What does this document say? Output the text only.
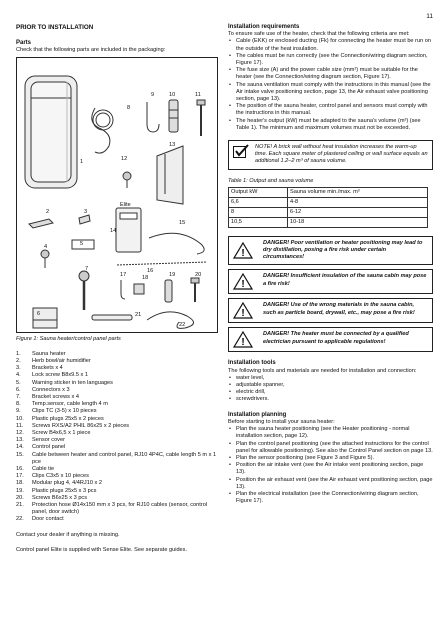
11
PRIOR TO INSTALLATION
Parts

Check that the following parts are included in the packaging:

1
2	3
4	5
6
7
8
9	10	11
12
13
14
15
16
17	18	19	20
21
22
Elite
Figure 1: Sauna heater/control panel parts
1. Sauna heater
2. Herb bowl/air humidifier
3. Brackets x 4
4. Lock screw B8x9.5 x 1
5. Warning sticker in ten languages
6. Connectors x 3
7. Bracket screws x 4
8. Temp.sensor, cable length 4 m
9. Clips TC (3-5) x 10 pieces
10. Plastic plugs 25x5 x 2 pieces
11. Screws RXS/A2 PHIL 86x25 x 2 pieces
12. Screw B4x6,5 x 1 piece
13. Sensor cover
14. Control panel
15. Cable between heater and control panel, RJ10 4P4C, cable length 5 m x 1 pce
16. Cable tie
17. Clips C3x5 x 10 pieces
18. Modular plug 4, 4/4RJ10 x 2
19. Plastic plugs 25x5 x 3 pcs
20. Screws B6x25 x 3 pcs
21. Protection hose Ø14x150 mm x 3 pcs, for RJ10 cables (sensor, control panel, door switch)
22. Door contact

Contact your dealer if anything is missing.

Control panel Elite is supplied with Sense Elite. See separate guides.

Installation requirements

To ensure safe use of the heater, check that the following criteria are met:

• Cable (EKK) or enclosed ducting (Fk) for connecting the heater must be run on the outside of the heat insulation.
• The cables must be run correctly (see the Connection/wiring diagram section, Figure 17).
• The fuse size (A) and the power cable size (mm²) must be suitable for the heater (see the Connection/wiring diagram section, Figure 17).
• The sauna ventilation must comply with the instructions in this manual (see the Air intake valve positioning section, page 13, the Air exhaust valve positioning section, page 13).
• The position of the sauna heater, control panel and sensors must comply with the instructions in this manual.
• The heater's output (kW) must be adapted to the sauna's volume (m³) (see Table 1). The minimum and maximum volumes must not be exceeded.
NOTE! A brick wall without heat insulation increases the warm-up time. Each square meter of plastered ceiling or wall surface equals an additional 1.2–2 m³ of sauna volume.
Table 1: Output and sauna volume
Output kW	Sauna volume min./max. m³
6,6	4-8
8	6-12
10,5	10-18
!
DANGER! Poor ventilation or heater positioning may lead to dry distillation, posing a fire risk under certain circumstances!
!
DANGER! Insufficient insulation of the sauna cabin may pose a fire risk!
!
DANGER! Use of the wrong materials in the sauna cabin, such as particle board, drywall, etc., may pose a fire risk!
!
DANGER! The heater must be connected by a qualified electrician pursuant to applicable regulations!
Installation tools

The following tools and materials are needed for installation and connection:

• water level,
• adjustable spanner,
• electric drill,
• screwdrivers.
Installation planning

Before starting to install your sauna heater:

• Plan the sauna heater positioning (see the Heater positioning - normal installation section, page 12).
• Plan the control panel positioning (see the attached instructions for the control panel for allowable positioning). See also the Control Panel section on page 13.
• Plan the sensor positioning (see Figure 3 and Figure 5).
• Position the air intake vent (see the Air intake vent positioning section, page 13).
• Position the air exhaust vent (see the Air exhaust vent positioning section, page 13).
• Plan the electrical installation (see the Connection/wiring diagram section, Figure 17).
